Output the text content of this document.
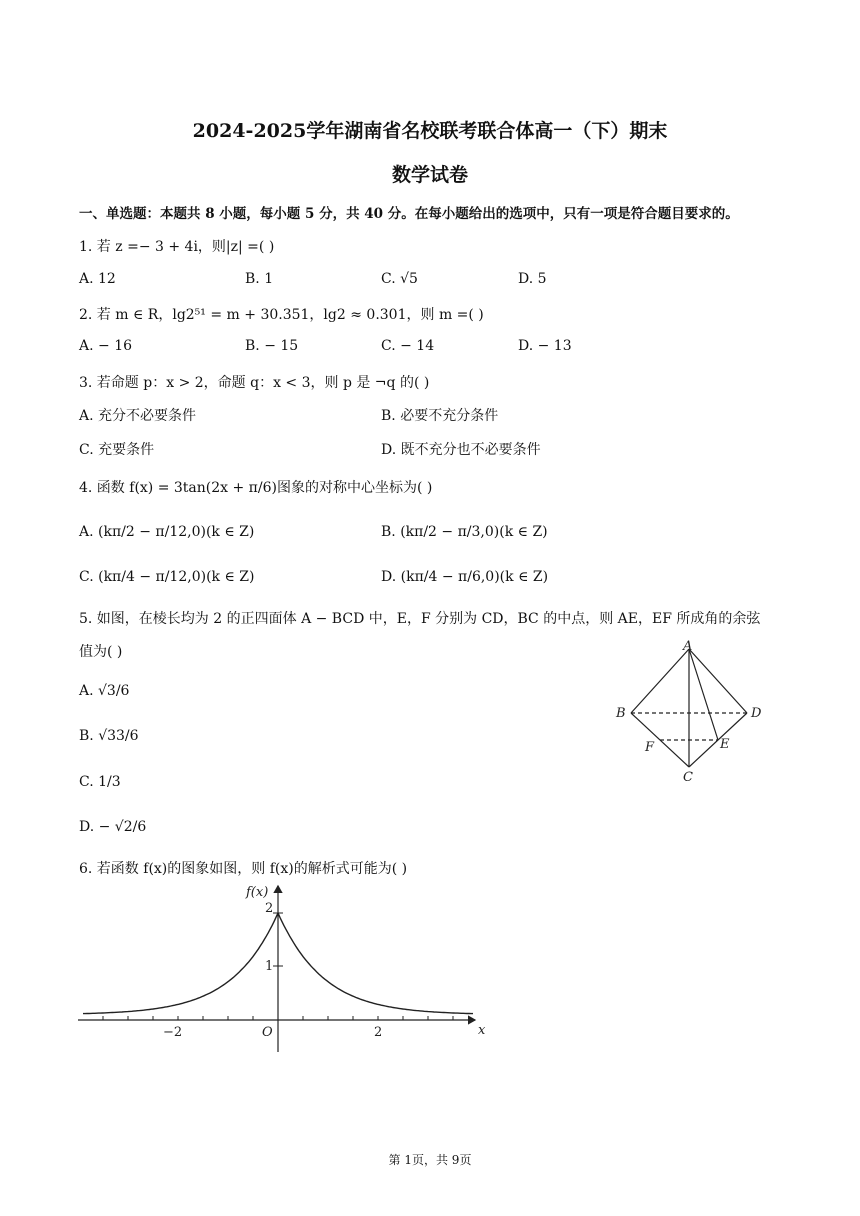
2024-2025学年湖南省名校联考联合体高一（下）期末
数学试卷
一、单选题：本题共 8 小题，每小题 5 分，共 40 分。在每小题给出的选项中，只有一项是符合题目要求的。
1. 若 z =− 3 + 4i，则|z| =( )
A. 12	B. 1	C. √5	D. 5
2. 若 m ∈ R，lg2⁵¹ = m + 30.351，lg2 ≈ 0.301，则 m =( )
A. − 16	B. − 15	C. − 14	D. − 13
3. 若命题 p：x > 2，命题 q：x < 3，则 p 是 ¬q 的( )
A. 充分不必要条件	B. 必要不充分条件
C. 充要条件	D. 既不充分也不必要条件
4. 函数 f(x) = 3tan(2x + π/6)图象的对称中心坐标为( )
A. (kπ/2 − π/12,0)(k ∈ Z)	B. (kπ/2 − π/3,0)(k ∈ Z)
C. (kπ/4 − π/12,0)(k ∈ Z)	D. (kπ/4 − π/6,0)(k ∈ Z)
5. 如图，在棱长均为 2 的正四面体 A − BCD 中，E，F 分别为 CD，BC 的中点，则 AE，EF 所成角的余弦
值为( )
A. √3/6
B. √33/6
C. 1/3
D. − √2/6
A
B
C
D
E
F
6. 若函数 f(x)的图象如图，则 f(x)的解析式可能为( )
f(x)
x
O
−2	2
1
2
第 1页，共 9页
